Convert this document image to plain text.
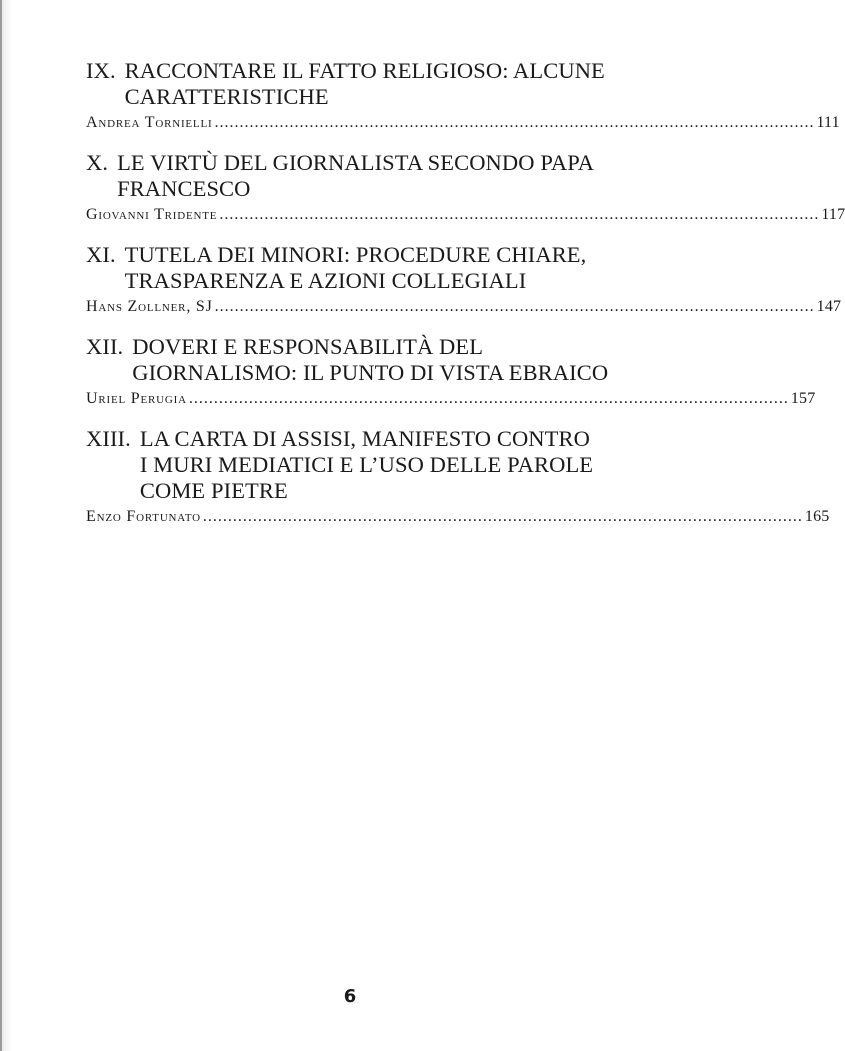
IX. RACCONTARE IL FATTO RELIGIOSO: ALCUNE
CARATTERISTICHE
Andrea Tornielli ........................................................................................................................ 111
X. LE VIRTÙ DEL GIORNALISTA SECONDO PAPA
FRANCESCO
Giovanni Tridente ........................................................................................................................ 117
XI. TUTELA DEI MINORI: PROCEDURE CHIARE,
TRASPARENZA E AZIONI COLLEGIALI
Hans Zollner, SJ ........................................................................................................................ 147
XII. DOVERI E RESPONSABILITÀ DEL
GIORNALISMO: IL PUNTO DI VISTA EBRAICO
Uriel Perugia ........................................................................................................................ 157
XIII. LA CARTA DI ASSISI, MANIFESTO CONTRO
I MURI MEDIATICI E L’USO DELLE PAROLE
COME PIETRE
Enzo Fortunato ........................................................................................................................ 165
6
